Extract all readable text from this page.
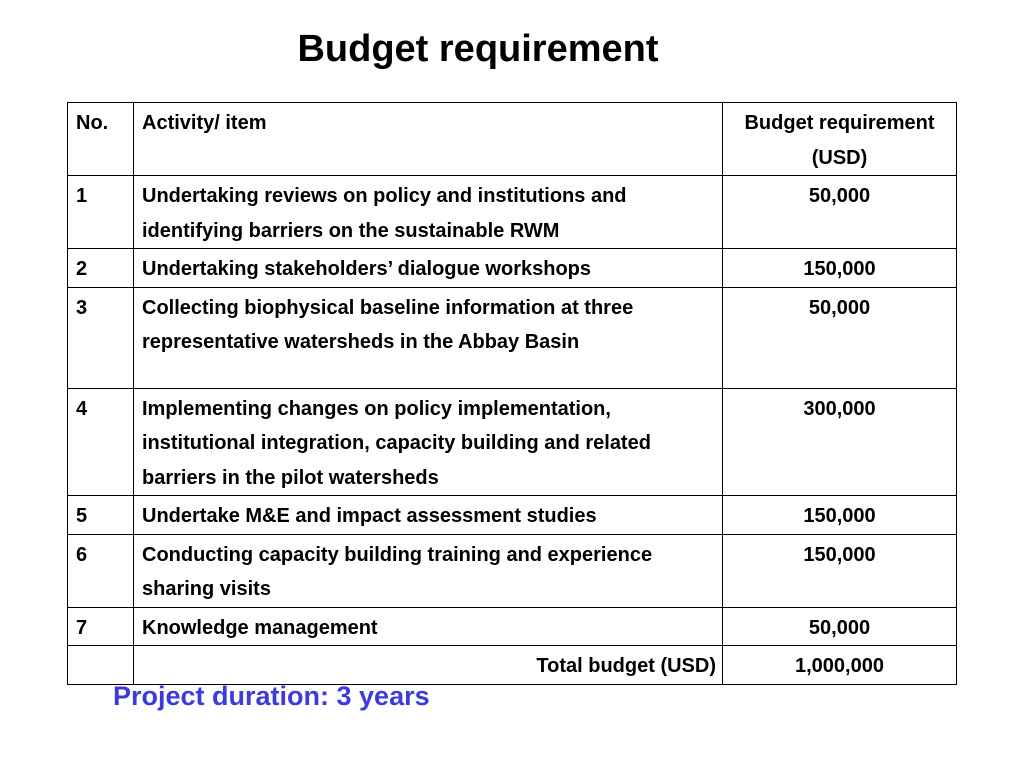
Budget requirement
No.	Activity/ item	Budget requirement
(USD)
1	Undertaking reviews on policy and institutions and identifying barriers on the sustainable RWM	50,000
2	Undertaking stakeholders’ dialogue workshops	150,000
3	Collecting biophysical baseline information at three representative watersheds in the Abbay Basin	50,000
4	Implementing changes on policy implementation, institutional integration, capacity building and related barriers in the pilot watersheds	300,000
5	Undertake M&E and impact assessment studies	150,000
6	Conducting capacity building training and experience sharing visits	150,000
7	Knowledge management	50,000
	Total budget (USD)	1,000,000

Project duration: 3 years
